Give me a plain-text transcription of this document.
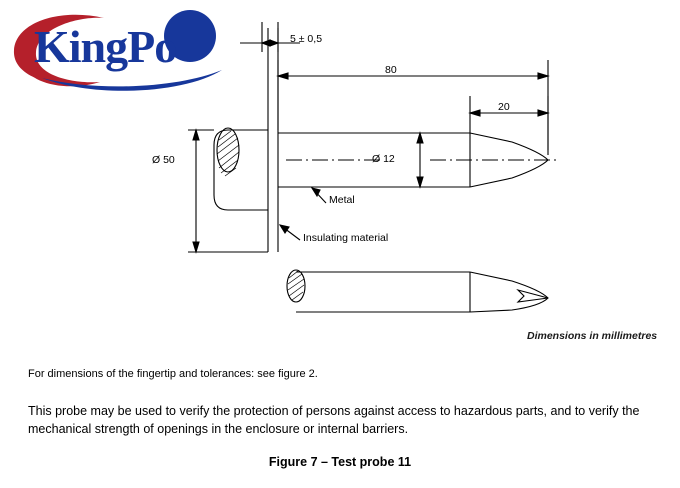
KingPo	5 ± 0,5
80
20
Ø 50	Ø 12
Metal
Insulating material
Dimensions in millimetres
For dimensions of the fingertip and tolerances: see figure 2.
This probe may be used to verify the protection of persons against access to hazardous parts, and to verify the mechanical strength of openings in the enclosure or internal barriers.
Figure 7 – Test probe 11
